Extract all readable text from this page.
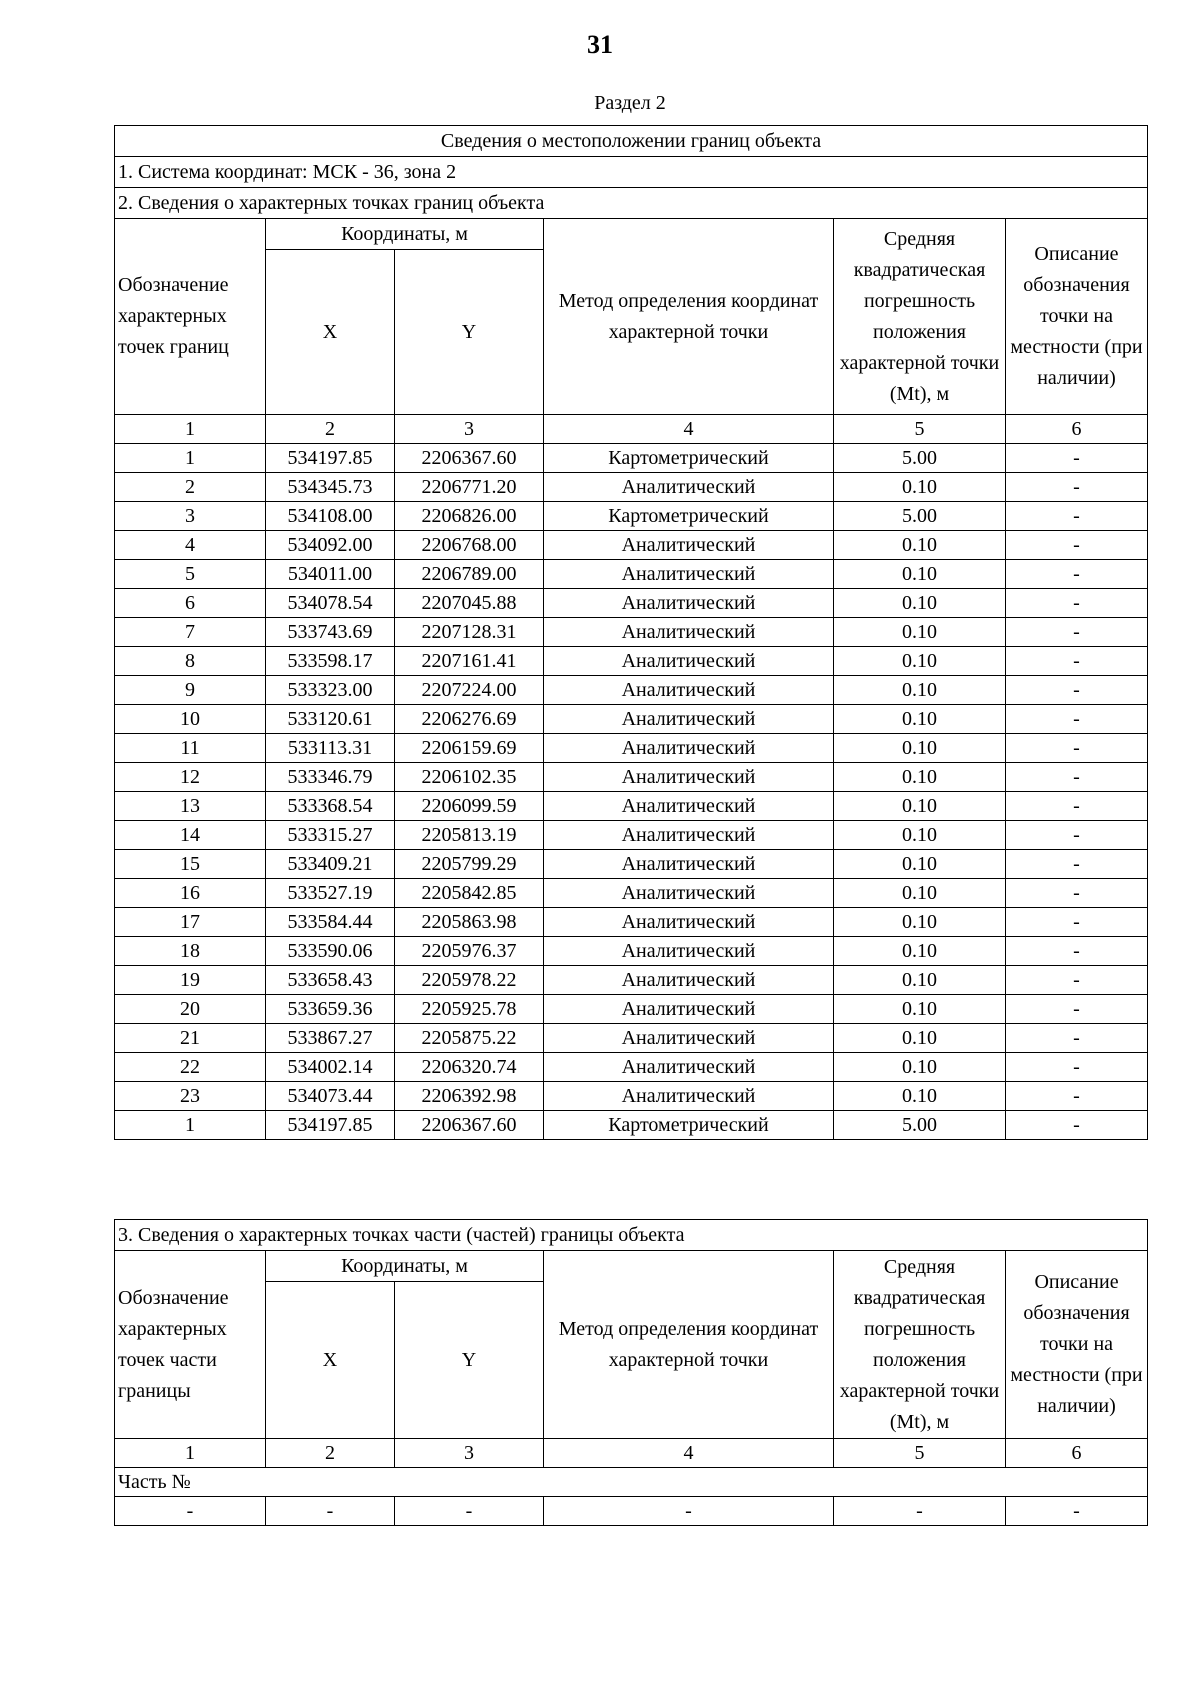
31
Раздел 2
Сведения о местоположении границ объекта					
1. Система координат: МСК - 36, зона 2					
2. Сведения о характерных точках границ объекта					
Обозначение характерных точек границ	Координаты, м		Метод определения координат характерной точки	Средняя квадратическая погрешность положения характерной точки (Mt), м	Описание обозначения точки на местности (при наличии)
	X	Y			
1	2	3	4	5	6
1	534197.85	2206367.60	Картометрический	5.00	-
2	534345.73	2206771.20	Аналитический	0.10	-
3	534108.00	2206826.00	Картометрический	5.00	-
4	534092.00	2206768.00	Аналитический	0.10	-
5	534011.00	2206789.00	Аналитический	0.10	-
6	534078.54	2207045.88	Аналитический	0.10	-
7	533743.69	2207128.31	Аналитический	0.10	-
8	533598.17	2207161.41	Аналитический	0.10	-
9	533323.00	2207224.00	Аналитический	0.10	-
10	533120.61	2206276.69	Аналитический	0.10	-
11	533113.31	2206159.69	Аналитический	0.10	-
12	533346.79	2206102.35	Аналитический	0.10	-
13	533368.54	2206099.59	Аналитический	0.10	-
14	533315.27	2205813.19	Аналитический	0.10	-
15	533409.21	2205799.29	Аналитический	0.10	-
16	533527.19	2205842.85	Аналитический	0.10	-
17	533584.44	2205863.98	Аналитический	0.10	-
18	533590.06	2205976.37	Аналитический	0.10	-
19	533658.43	2205978.22	Аналитический	0.10	-
20	533659.36	2205925.78	Аналитический	0.10	-
21	533867.27	2205875.22	Аналитический	0.10	-
22	534002.14	2206320.74	Аналитический	0.10	-
23	534073.44	2206392.98	Аналитический	0.10	-
1	534197.85	2206367.60	Картометрический	5.00	-
3. Сведения о характерных точках части (частей) границы объекта					
Обозначение характерных точек части границы	Координаты, м		Метод определения координат характерной точки	Средняя квадратическая погрешность положения характерной точки (Mt), м	Описание обозначения точки на местности (при наличии)
	X	Y			
1	2	3	4	5	6
Часть №					
-	-	-	-	-	-
